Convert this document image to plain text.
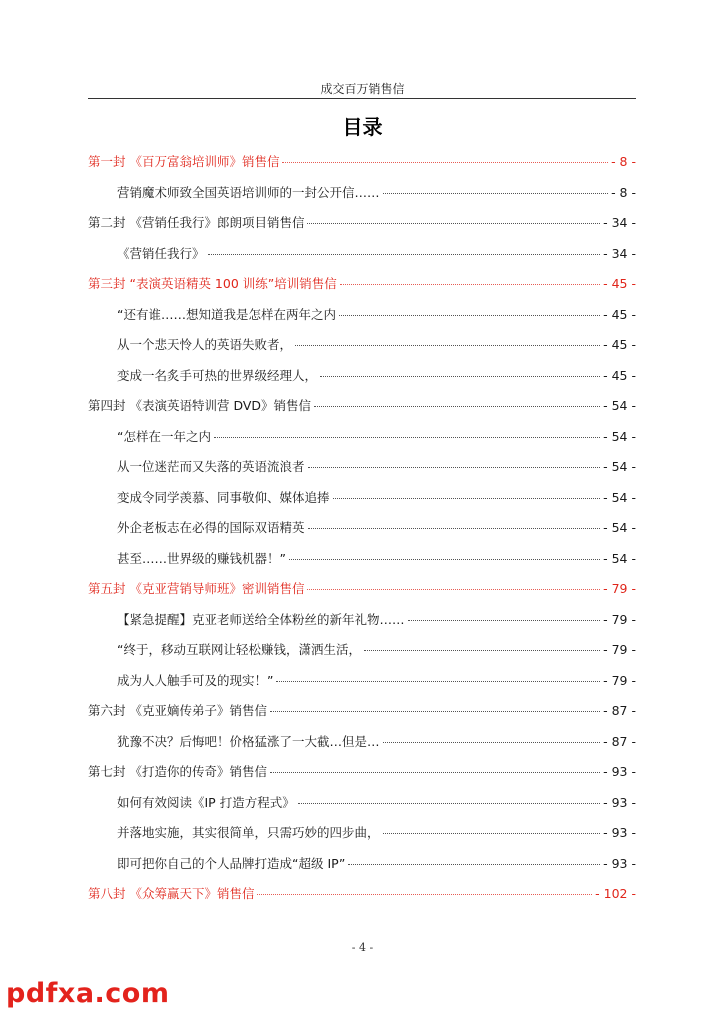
成交百万销售信
目录
第一封 《百万富翁培训师》销售信	- 8 -
营销魔术师致全国英语培训师的一封公开信……	- 8 -
第二封 《营销任我行》郎朗项目销售信	- 34 -
《营销任我行》	- 34 -
第三封 “表演英语精英 100 训练”培训销售信	- 45 -
“还有谁……想知道我是怎样在两年之内	- 45 -
从一个悲天怜人的英语失败者，	- 45 -
变成一名炙手可热的世界级经理人，	- 45 -
第四封 《表演英语特训营 DVD》销售信	- 54 -
“怎样在一年之内	- 54 -
从一位迷茫而又失落的英语流浪者	- 54 -
变成令同学羡慕、同事敬仰、媒体追捧	- 54 -
外企老板志在必得的国际双语精英	- 54 -
甚至……世界级的赚钱机器！”	- 54 -
第五封 《克亚营销导师班》密训销售信	- 79 -
【紧急提醒】克亚老师送给全体粉丝的新年礼物……	- 79 -
“终于，移动互联网让轻松赚钱，潇洒生活，	- 79 -
成为人人触手可及的现实！”	- 79 -
第六封 《克亚嫡传弟子》销售信	- 87 -
犹豫不决？后悔吧！价格猛涨了一大截…但是…	- 87 -
第七封 《打造你的传奇》销售信	- 93 -
如何有效阅读《IP 打造方程式》	- 93 -
并落地实施，其实很简单，只需巧妙的四步曲，	- 93 -
即可把你自己的个人品牌打造成“超级 IP”	- 93 -
第八封 《众筹赢天下》销售信	- 102 -
- 4 -
pdfxa.com
